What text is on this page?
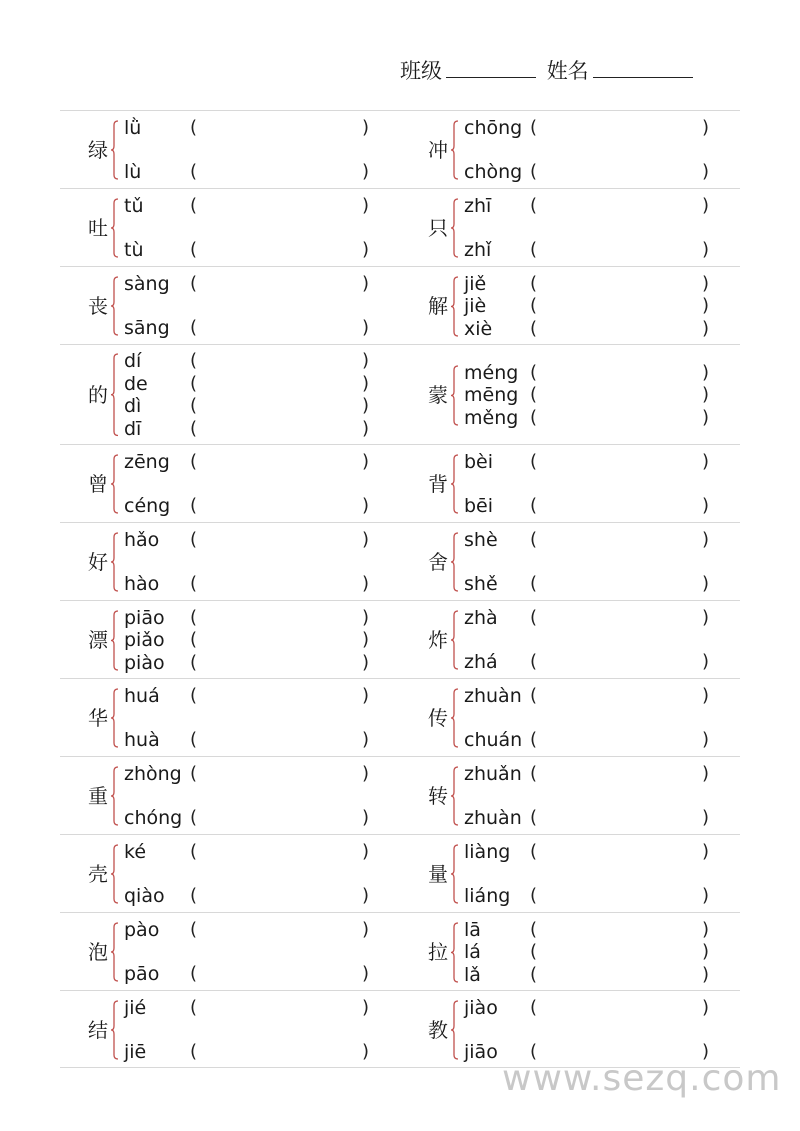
班级	姓名
绿
lǜ	(	)
lù	(	)
冲
chōng (	)
chòng (	)
吐
tǔ	(	)
tù	(	)
只
zhī (	)
zhǐ (	)
丧
sàng (	)
sāng (	)
解
jiě (	)
jiè (	)
xiè (	)
的
dí	(	)
de (	)
dì	(	)
dī	(	)
蒙
méng (	)
mēng (	)
měng (	)
曾
zēng (	)
céng (	)
背
bèi (	)
bēi (	)
好
hǎo (	)
hào (	)
舍
shè (	)
shě (	)
漂
piāo (	)
piǎo (	)
piào (	)
炸
zhà (	)
zhá (	)
华
huá (	)
huà (	)
传
zhuàn (	)
chuán (	)
重
zhòng (	)
chóng (	)
转
zhuǎn (	)
zhuàn (	)
壳
ké (	)
qiào (	)
量
liàng (	)
liáng (	)
泡
pào (	)
pāo (	)
拉
lā	(	)
lá	(	)
lǎ	(	)
结
jié (	)
jiē (	)
教
jiào (	)
jiāo (	)
www.sezq.com
